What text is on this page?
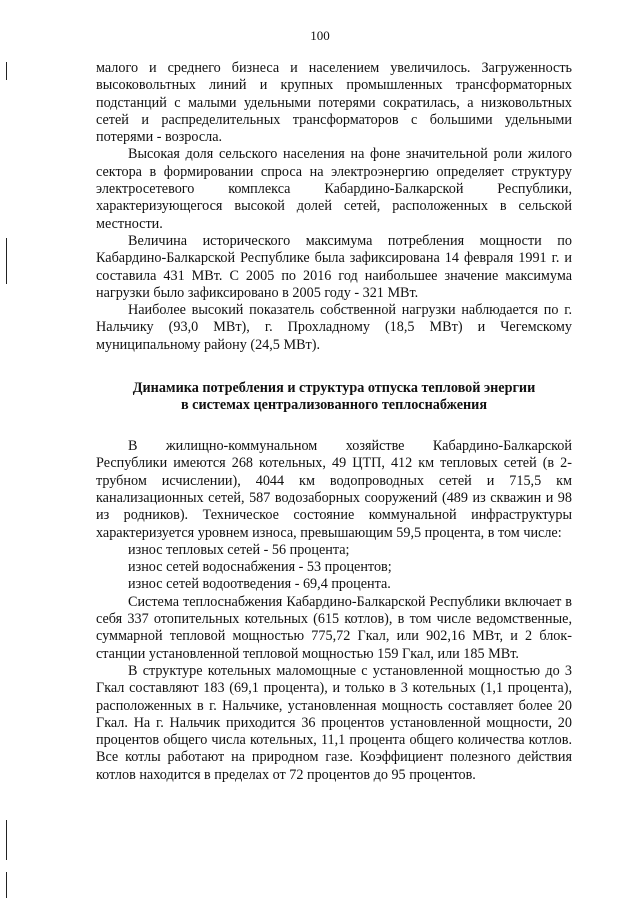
100

малого и среднего бизнеса и населением увеличилось. Загруженность высоковольтных линий и крупных промышленных трансформаторных подстанций с малыми удельными потерями сократилась, а низковольтных сетей и распределительных трансформаторов с большими удельными потерями - возросла.

Высокая доля сельского населения на фоне значительной роли жилого сектора в формировании спроса на электроэнергию определяет структуру электросетевого комплекса Кабардино-Балкарской Республики, характеризующегося высокой долей сетей, расположенных в сельской местности.

Величина исторического максимума потребления мощности по Кабардино-Балкарской Республике была зафиксирована 14 февраля 1991 г. и составила 431 МВт. С 2005 по 2016 год наибольшее значение максимума нагрузки было зафиксировано в 2005 году - 321 МВт.

Наиболее высокий показатель собственной нагрузки наблюдается по г. Нальчику (93,0 МВт), г. Прохладному (18,5 МВт) и Чегемскому муниципальному району (24,5 МВт).

Динамика потребления и структура отпуска тепловой энергии
в системах централизованного теплоснабжения

В жилищно-коммунальном хозяйстве Кабардино-Балкарской Республики имеются 268 котельных, 49 ЦТП, 412 км тепловых сетей (в 2-трубном исчислении), 4044 км водопроводных сетей и 715,5 км канализационных сетей, 587 водозаборных сооружений (489 из скважин и 98 из родников). Техническое состояние коммунальной инфраструктуры характеризуется уровнем износа, превышающим 59,5 процента, в том числе:

износ тепловых сетей - 56 процента;

износ сетей водоснабжения - 53 процентов;

износ сетей водоотведения - 69,4 процента.

Система теплоснабжения Кабардино-Балкарской Республики включает в себя 337 отопительных котельных (615 котлов), в том числе ведомственные, суммарной тепловой мощностью 775,72 Гкал, или 902,16 МВт, и 2 блок-станции установленной тепловой мощностью 159 Гкал, или 185 МВт.

В структуре котельных маломощные с установленной мощностью до 3 Гкал составляют 183 (69,1 процента), и только в 3 котельных (1,1 процента), расположенных в г. Нальчике, установленная мощность составляет более 20 Гкал. На г. Нальчик приходится 36 процентов установленной мощности, 20 процентов общего числа котельных, 11,1 процента общего количества котлов. Все котлы работают на природном газе. Коэффициент полезного действия котлов находится в пределах от 72 процентов до 95 процентов.
